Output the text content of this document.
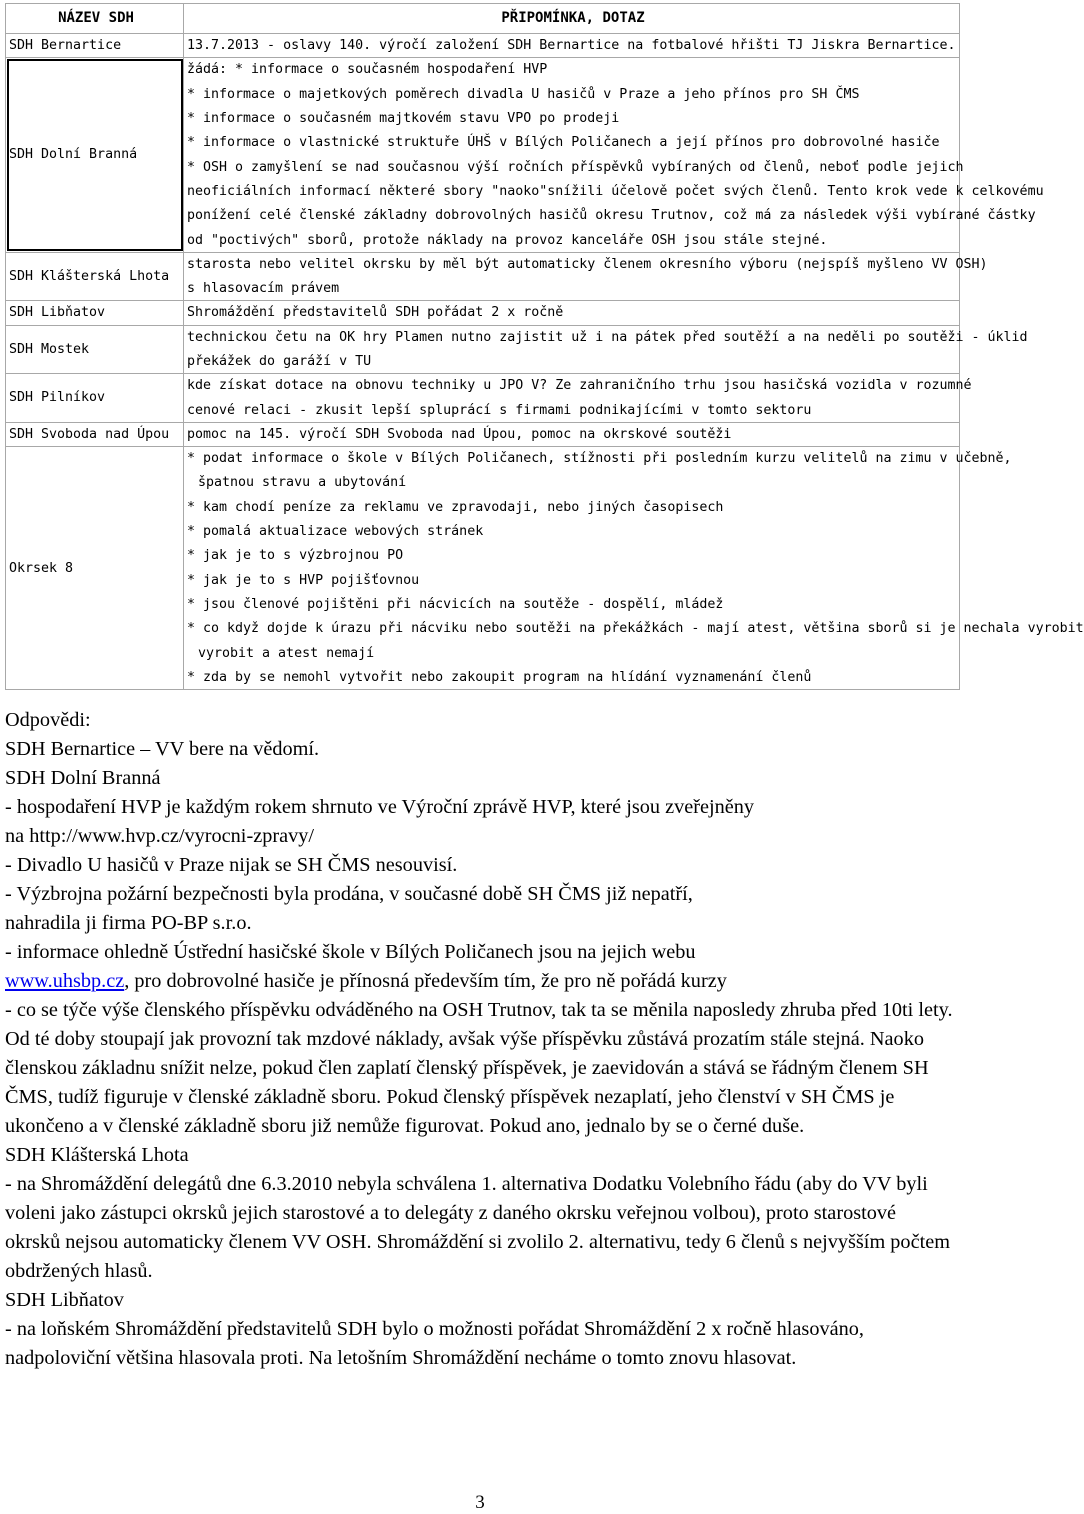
NÁZEV SDH	PŘIPOMÍNKA, DOTAZ
SDH Bernartice	13.7.2013 - oslavy 140. výročí založení SDH Bernartice na fotbalové hřišti TJ Jiskra Bernartice.
SDH Dolní Branná	žádá: * informace o současném hospodaření HVP
	* informace o majetkových poměrech divadla U hasičů v Praze a jeho přínos pro SH ČMS
	* informace o současném majtkovém stavu VPO po prodeji
	* informace o vlastnické struktuře ÚHŠ v Bílých Poličanech a její přínos pro dobrovolné hasiče
	* OSH o zamyšlení se nad současnou výší ročních příspěvků vybíraných od členů, neboť podle jejich
	neoficiálních informací některé sbory "naoko"snížili účelově počet svých členů. Tento krok vede k celkovému
	ponížení celé členské základny dobrovolných hasičů okresu Trutnov, což má za následek výši vybírané částky
	od "poctivých" sborů, protože náklady na provoz kanceláře OSH jsou stále stejné.
SDH Klášterská Lhota	starosta nebo velitel okrsku by měl být automaticky členem okresního výboru (nejspíš myšleno VV OSH)
	s hlasovacím právem
SDH Libňatov	Shromáždění představitelů SDH pořádat 2 x ročně
SDH Mostek	technickou četu na OK hry Plamen nutno zajistit už i na pátek před soutěží a na neděli po soutěži - úklid
	překážek do garáží v TU
SDH Pilníkov	kde získat dotace na obnovu techniky u JPO V? Ze zahraničního trhu jsou hasičská vozidla v rozumné
	cenové relaci - zkusit lepší spluprácí s firmami podnikajícími v tomto sektoru
SDH Svoboda nad Úpou	pomoc na 145. výročí SDH Svoboda nad Úpou, pomoc na okrskové soutěži
Okrsek 8	* podat informace o škole v Bílých Poličanech, stížnosti při posledním kurzu velitelů na zimu v učebně,
	špatnou stravu a ubytování
	* kam chodí peníze za reklamu ve zpravodaji, nebo jiných časopisech
	* pomalá aktualizace webových stránek
	* jak je to s výzbrojnou PO
	* jak je to s HVP pojišťovnou
	* jsou členové pojištěni při nácvicích na soutěže - dospělí, mládež
	* co když dojde k úrazu při nácviku nebo soutěži na překážkách - mají atest, většina sborů si je nechala vyrobit
	vyrobit a atest nemají
	* zda by se nemohl vytvořit nebo zakoupit program na hlídání vyznamenání členů

Odpovědi:

SDH Bernartice – VV bere na vědomí.

SDH Dolní Branná

- hospodaření HVP je každým rokem shrnuto ve Výroční zprávě HVP, které jsou zveřejněny
na http://www.hvp.cz/vyrocni-zpravy/

- Divadlo U hasičů v Praze nijak se SH ČMS nesouvisí.

- Výzbrojna požární bezpečnosti byla prodána, v současné době SH ČMS již nepatří,
nahradila ji firma PO-BP s.r.o.

- informace ohledně Ústřední hasičské škole v Bílých Poličanech jsou na jejich webu
www.uhsbp.cz, pro dobrovolné hasiče je přínosná především tím, že pro ně pořádá kurzy

- co se týče výše členského příspěvku odváděného na OSH Trutnov, tak ta se měnila naposledy zhruba před 10ti lety. Od té doby stoupají jak provozní tak mzdové náklady, avšak výše příspěvku zůstává prozatím stále stejná. Naoko členskou základnu snížit nelze, pokud člen zaplatí členský příspěvek, je zaevidován a stává se řádným členem SH ČMS, tudíž figuruje v členské základně sboru. Pokud členský příspěvek nezaplatí, jeho členství v SH ČMS je ukončeno a v členské základně sboru již nemůže figurovat. Pokud ano, jednalo by se o černé duše.

SDH Klášterská Lhota

- na Shromáždění delegátů dne 6.3.2010 nebyla schválena 1. alternativa Dodatku Volebního řádu (aby do VV byli voleni jako zástupci okrsků jejich starostové a to delegáty z daného okrsku veřejnou volbou), proto starostové okrsků nejsou automaticky členem VV OSH. Shromáždění si zvolilo 2. alternativu, tedy 6 členů s nejvyšším počtem obdržených hlasů.

SDH Libňatov

- na loňském Shromáždění představitelů SDH bylo o možnosti pořádat Shromáždění 2 x ročně hlasováno, nadpoloviční většina hlasovala proti. Na letošním Shromáždění necháme o tomto znovu hlasovat.

3
